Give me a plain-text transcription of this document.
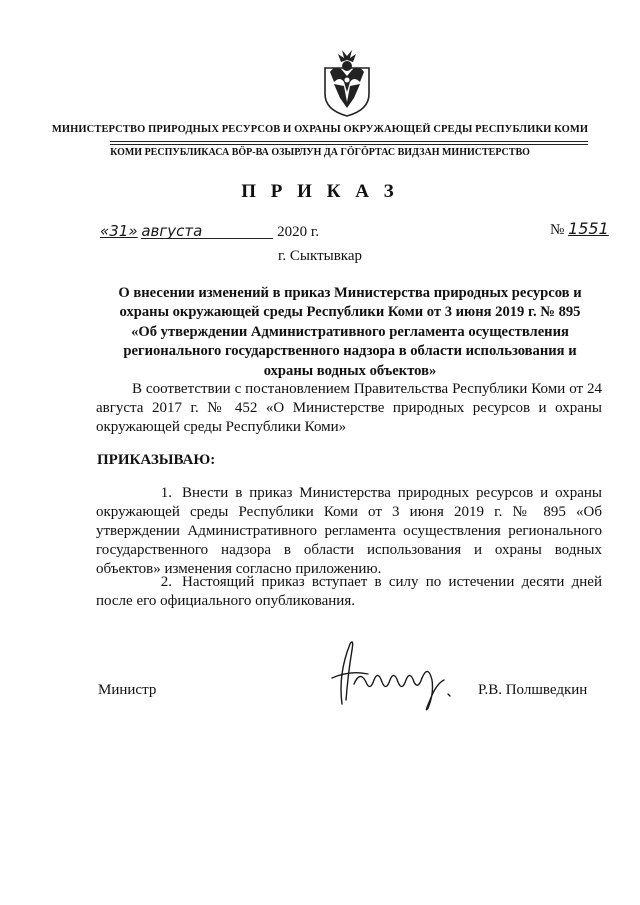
МИНИСТЕРСТВО ПРИРОДНЫХ РЕСУРСОВ И ОХРАНЫ ОКРУЖАЮЩЕЙ СРЕДЫ РЕСПУБЛИКИ КОМИ
КОМИ РЕСПУБЛИКАСА ВӦР-ВА ОЗЫРЛУН ДА ГӦГӦРТАС ВИДЗАН МИНИСТЕРСТВО
П Р И К А З
«31» августа	2020 г.	№ 1551
г. Сыктывкар
О внесении изменений в приказ Министерства природных ресурсов и
охраны окружающей среды Республики Коми от 3 июня 2019 г. № 895
«Об утверждении Административного регламента осуществления
регионального государственного надзора в области использования и
охраны водных объектов»
В соответствии с постановлением Правительства Республики Коми от 24 августа 2017 г. № 452 «О Министерстве природных ресурсов и охраны окружающей среды Республики Коми»
ПРИКАЗЫВАЮ:
1. Внести в приказ Министерства природных ресурсов и охраны окружающей среды Республики Коми от 3 июня 2019 г. № 895 «Об утверждении Административного регламента осуществления регионального государственного надзора в области использования и охраны водных объектов» изменения согласно приложению.
2. Настоящий приказ вступает в силу по истечении десяти дней после его официального опубликования.
Министр	Р.В. Полшведкин
